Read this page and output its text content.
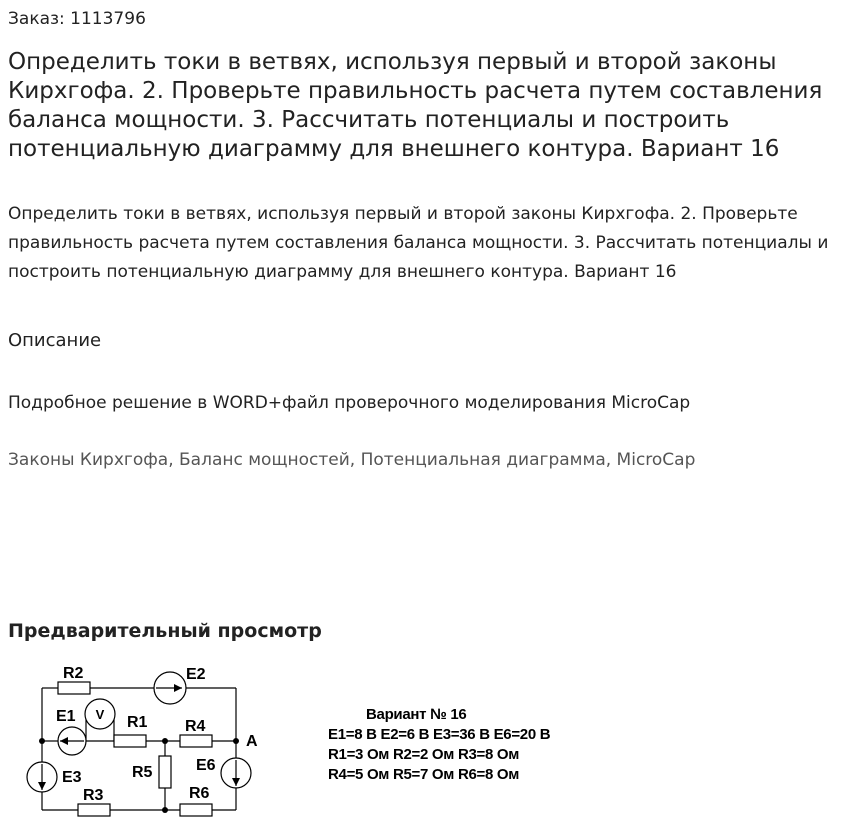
Заказ: 1113796
Определить токи в ветвях, используя первый и второй законы Кирхгофа. 2. Проверьте правильность расчета путем составления баланса мощности. 3. Рассчитать потенциалы и построить потенциальную диаграмму для внешнего контура. Вариант 16

Определить токи в ветвях, используя первый и второй законы Кирхгофа. 2. Проверьте правильность расчета путем составления баланса мощности. 3. Рассчитать потенциалы и построить потенциальную диаграмму для внешнего контура. Вариант 16

Описание
Подробное решение в WORD+файл проверочного моделирования MicroCap
Законы Кирхгофа, Баланс мощностей, Потенциальная диаграмма, MicroCap
Предварительный просмотр
V
R2	E2
E1	R1 R4
A
E3	R5	E6
R3	R6
Вариант № 16
E1=8 В E2=6 В E3=36 В E6=20 В
R1=3 Ом R2=2 Ом R3=8 Ом
R4=5 Ом R5=7 Ом R6=8 Ом
